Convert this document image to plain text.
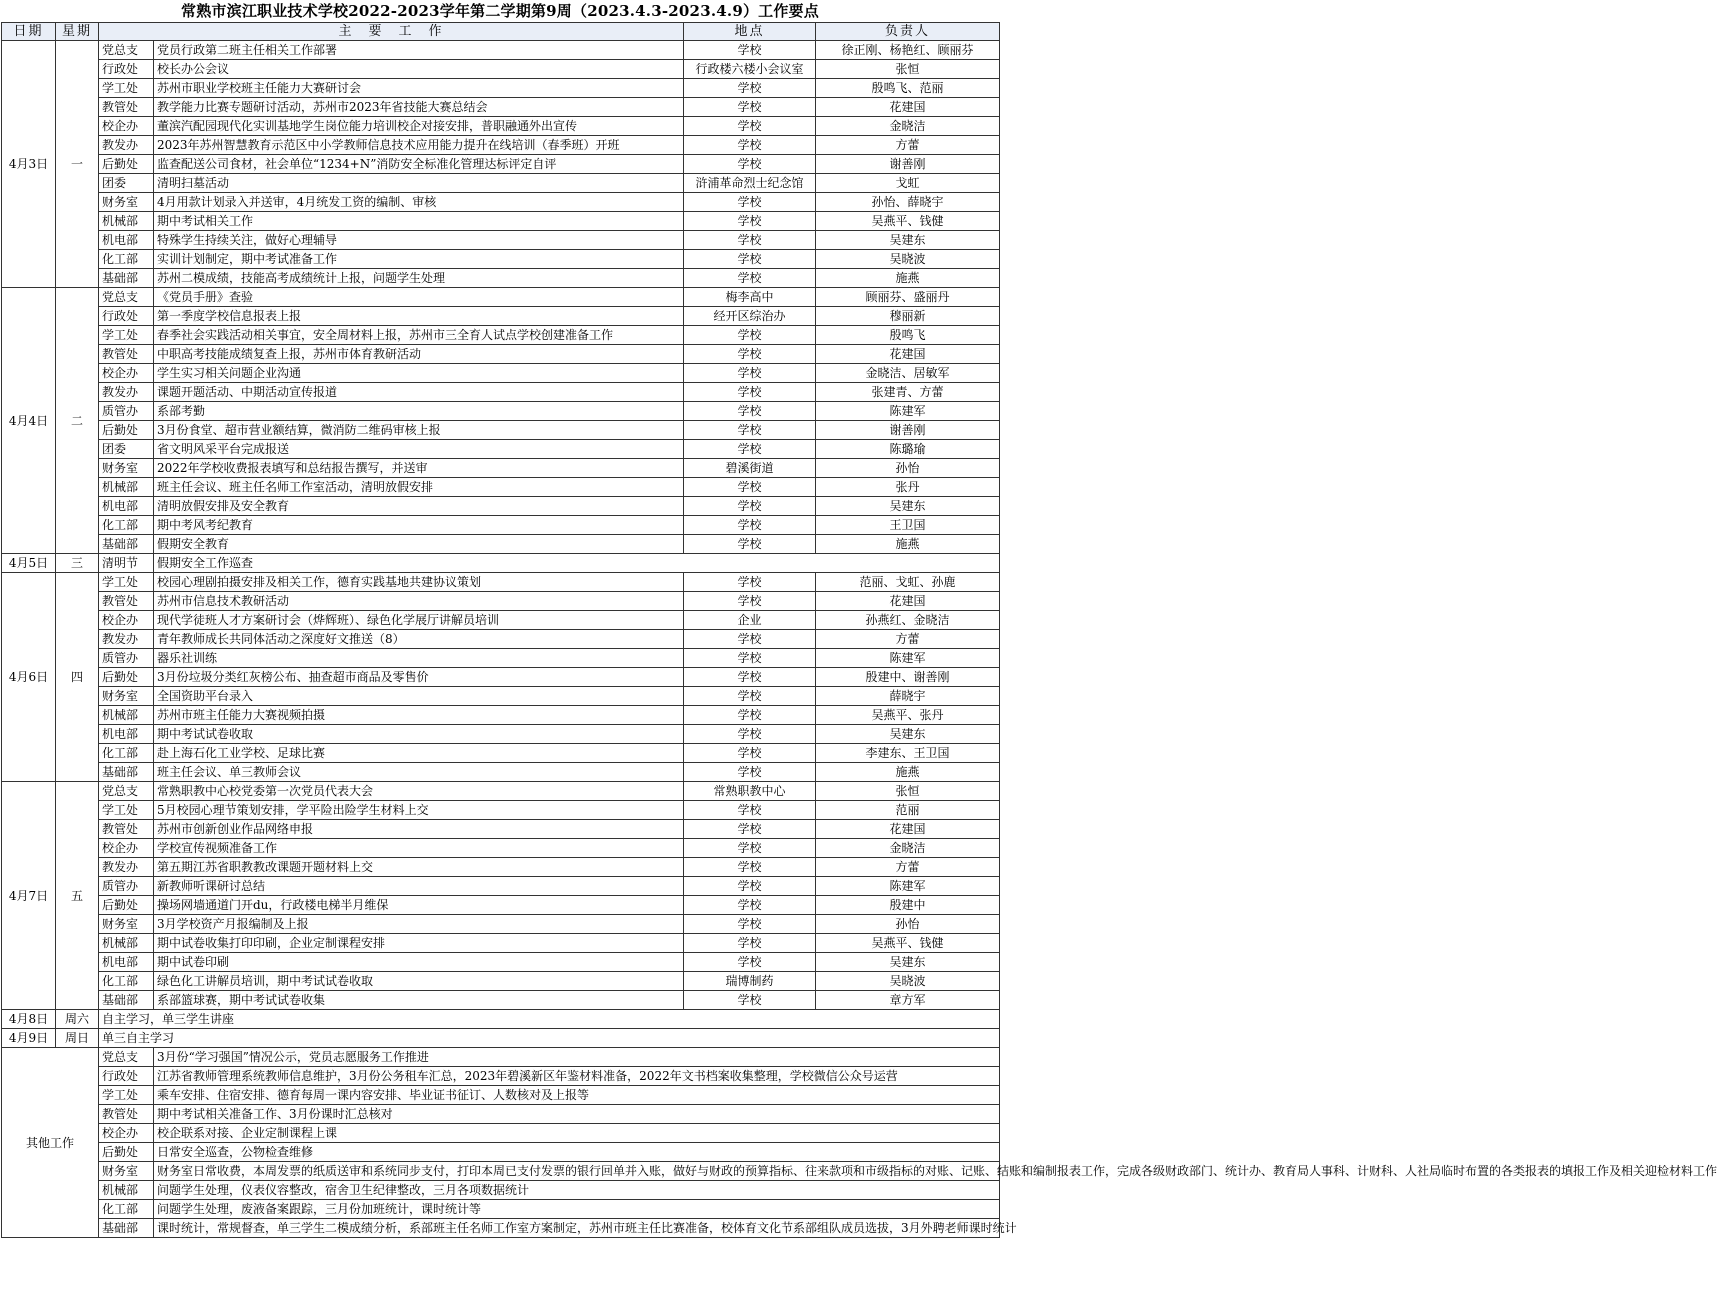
常熟市滨江职业技术学校2022-2023学年第二学期第9周（2023.4.3-2023.4.9）工作要点
日期	星期	主　要　工　作		地点	负责人
4月3日	一	党总支	党员行政第二班主任相关工作部署	学校	徐正刚、杨艳红、顾丽芬
		行政处	校长办公会议	行政楼六楼小会议室	张恒
		学工处	苏州市职业学校班主任能力大赛研讨会	学校	殷鸣飞、范丽
		教管处	教学能力比赛专题研讨活动，苏州市2023年省技能大赛总结会	学校	花建国
		校企办	董滨汽配园现代化实训基地学生岗位能力培训校企对接安排，普职融通外出宣传	学校	金晓洁
		教发办	2023年苏州智慧教育示范区中小学教师信息技术应用能力提升在线培训（春季班）开班	学校	方蕾
		后勤处	监查配送公司食材，社会单位“1234+N”消防安全标准化管理达标评定自评	学校	谢善刚
		团委	清明扫墓活动	浒浦革命烈士纪念馆	戈虹
		财务室	4月用款计划录入并送审，4月统发工资的编制、审核	学校	孙怡、薛晓宇
		机械部	期中考试相关工作	学校	吴燕平、钱健
		机电部	特殊学生持续关注，做好心理辅导	学校	吴建东
		化工部	实训计划制定，期中考试准备工作	学校	吴晓波
		基础部	苏州二模成绩，技能高考成绩统计上报，问题学生处理	学校	施燕
4月4日	二	党总支	《党员手册》查验	梅李高中	顾丽芬、盛丽丹
		行政处	第一季度学校信息报表上报	经开区综治办	穆丽新
		学工处	春季社会实践活动相关事宜，安全周材料上报，苏州市三全育人试点学校创建准备工作	学校	殷鸣飞
		教管处	中职高考技能成绩复查上报，苏州市体育教研活动	学校	花建国
		校企办	学生实习相关问题企业沟通	学校	金晓洁、居敏军
		教发办	课题开题活动、中期活动宣传报道	学校	张建青、方蕾
		质管办	系部考勤	学校	陈建军
		后勤处	3月份食堂、超市营业额结算，微消防二维码审核上报	学校	谢善刚
		团委	省文明风采平台完成报送	学校	陈璐瑜
		财务室	2022年学校收费报表填写和总结报告撰写，并送审	碧溪街道	孙怡
		机械部	班主任会议、班主任名师工作室活动，清明放假安排	学校	张丹
		机电部	清明放假安排及安全教育	学校	吴建东
		化工部	期中考风考纪教育	学校	王卫国
		基础部	假期安全教育	学校	施燕
4月5日	三	清明节	假期安全工作巡查		
4月6日	四	学工处	校园心理剧拍摄安排及相关工作，德育实践基地共建协议策划	学校	范丽、戈虹、孙鹿
		教管处	苏州市信息技术教研活动	学校	花建国
		校企办	现代学徒班人才方案研讨会（烨辉班）、绿色化学展厅讲解员培训	企业	孙燕红、金晓洁
		教发办	青年教师成长共同体活动之深度好文推送（8）	学校	方蕾
		质管办	器乐社训练	学校	陈建军
		后勤处	3月份垃圾分类红灰榜公布、抽查超市商品及零售价	学校	殷建中、谢善刚
		财务室	全国资助平台录入	学校	薛晓宇
		机械部	苏州市班主任能力大赛视频拍摄	学校	吴燕平、张丹
		机电部	期中考试试卷收取	学校	吴建东
		化工部	赴上海石化工业学校、足球比赛	学校	李建东、王卫国
		基础部	班主任会议、单三教师会议	学校	施燕
4月7日	五	党总支	常熟职教中心校党委第一次党员代表大会	常熟职教中心	张恒
		学工处	5月校园心理节策划安排，学平险出险学生材料上交	学校	范丽
		教管处	苏州市创新创业作品网络申报	学校	花建国
		校企办	学校宣传视频准备工作	学校	金晓洁
		教发办	第五期江苏省职教教改课题开题材料上交	学校	方蕾
		质管办	新教师听课研讨总结	学校	陈建军
		后勤处	操场网墙通道门开du，行政楼电梯半月维保	学校	殷建中
		财务室	3月学校资产月报编制及上报	学校	孙怡
		机械部	期中试卷收集打印印刷，企业定制课程安排	学校	吴燕平、钱健
		机电部	期中试卷印刷	学校	吴建东
		化工部	绿色化工讲解员培训，期中考试试卷收取	瑞博制药	吴晓波
		基础部	系部篮球赛，期中考试试卷收集	学校	章方军
4月8日	周六	自主学习，单三学生讲座			
4月9日	周日	单三自主学习			
其他工作		党总支	3月份“学习强国”情况公示，党员志愿服务工作推进		
		行政处	江苏省教师管理系统教师信息维护，3月份公务租车汇总，2023年碧溪新区年鉴材料准备，2022年文书档案收集整理，学校微信公众号运营		
		学工处	乘车安排、住宿安排、德育每周一课内容安排、毕业证书征订、人数核对及上报等		
		教管处	期中考试相关准备工作、3月份课时汇总核对		
		校企办	校企联系对接、企业定制课程上课		
		后勤处	日常安全巡查，公物检查维修		
		财务室	财务室日常收费，本周发票的纸质送审和系统同步支付，打印本周已支付发票的银行回单并入账，做好与财政的预算指标、往来款项和市级指标的对账、记账、结账和编制报表工作，完成各级财政部门、统计办、教育局人事科、计财科、人社局临时布置的各类报表的填报工作及相关迎检材料工作		
		机械部	问题学生处理，仪表仪容整改，宿舍卫生纪律整改，三月各项数据统计		
		化工部	问题学生处理，废液备案跟踪，三月份加班统计，课时统计等		
		基础部	课时统计，常规督查，单三学生二模成绩分析，系部班主任名师工作室方案制定，苏州市班主任比赛准备，校体育文化节系部组队成员选拔，3月外聘老师课时统计		
